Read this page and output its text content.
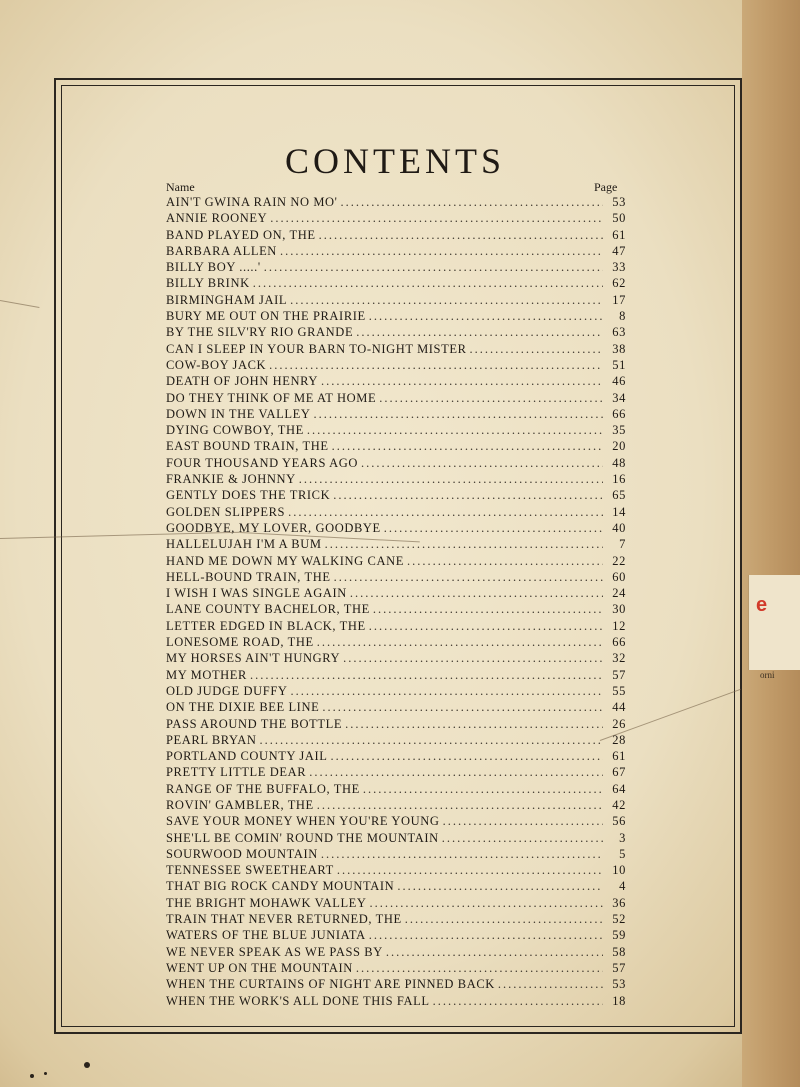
e
orni
CONTENTS
Name	Page
AIN'T GWINA RAIN NO MO' .....	53
ANNIE ROONEY .....	50
BAND PLAYED ON, THE .....	61
BARBARA ALLEN .....	47
BILLY BOY .....' .....	33
BILLY BRINK .....	62
BIRMINGHAM JAIL .....	17
BURY ME OUT ON THE PRAIRIE .....	8
BY THE SILV'RY RIO GRANDE .....	63
CAN I SLEEP IN YOUR BARN TO-NIGHT MISTER .....	38
COW-BOY JACK .....	51
DEATH OF JOHN HENRY .....	46
DO THEY THINK OF ME AT HOME .....	34
DOWN IN THE VALLEY .....	66
DYING COWBOY, THE .....	35
EAST BOUND TRAIN, THE .....	20
FOUR THOUSAND YEARS AGO .....	48
FRANKIE & JOHNNY .....	16
GENTLY DOES THE TRICK .....	65
GOLDEN SLIPPERS .....	14
GOODBYE, MY LOVER, GOODBYE .....	40
HALLELUJAH I'M A BUM .....	7
HAND ME DOWN MY WALKING CANE .....	22
HELL-BOUND TRAIN, THE .....	60
I WISH I WAS SINGLE AGAIN .....	24
LANE COUNTY BACHELOR, THE .....	30
LETTER EDGED IN BLACK, THE .....	12
LONESOME ROAD, THE .....	66
MY HORSES AIN'T HUNGRY .....	32
MY MOTHER .....	57
OLD JUDGE DUFFY .....	55
ON THE DIXIE BEE LINE .....	44
PASS AROUND THE BOTTLE .....	26
PEARL BRYAN .....	28
PORTLAND COUNTY JAIL .....	61
PRETTY LITTLE DEAR .....	67
RANGE OF THE BUFFALO, THE .....	64
ROVIN' GAMBLER, THE .....	42
SAVE YOUR MONEY WHEN YOU'RE YOUNG .....	56
SHE'LL BE COMIN' ROUND THE MOUNTAIN .....	3
SOURWOOD MOUNTAIN .....	5
TENNESSEE SWEETHEART .....	10
THAT BIG ROCK CANDY MOUNTAIN .....	4
THE BRIGHT MOHAWK VALLEY .....	36
TRAIN THAT NEVER RETURNED, THE .....	52
WATERS OF THE BLUE JUNIATA .....	59
WE NEVER SPEAK AS WE PASS BY .....	58
WENT UP ON THE MOUNTAIN .....	57
WHEN THE CURTAINS OF NIGHT ARE PINNED BACK .....	53
WHEN THE WORK'S ALL DONE THIS FALL .....	18
